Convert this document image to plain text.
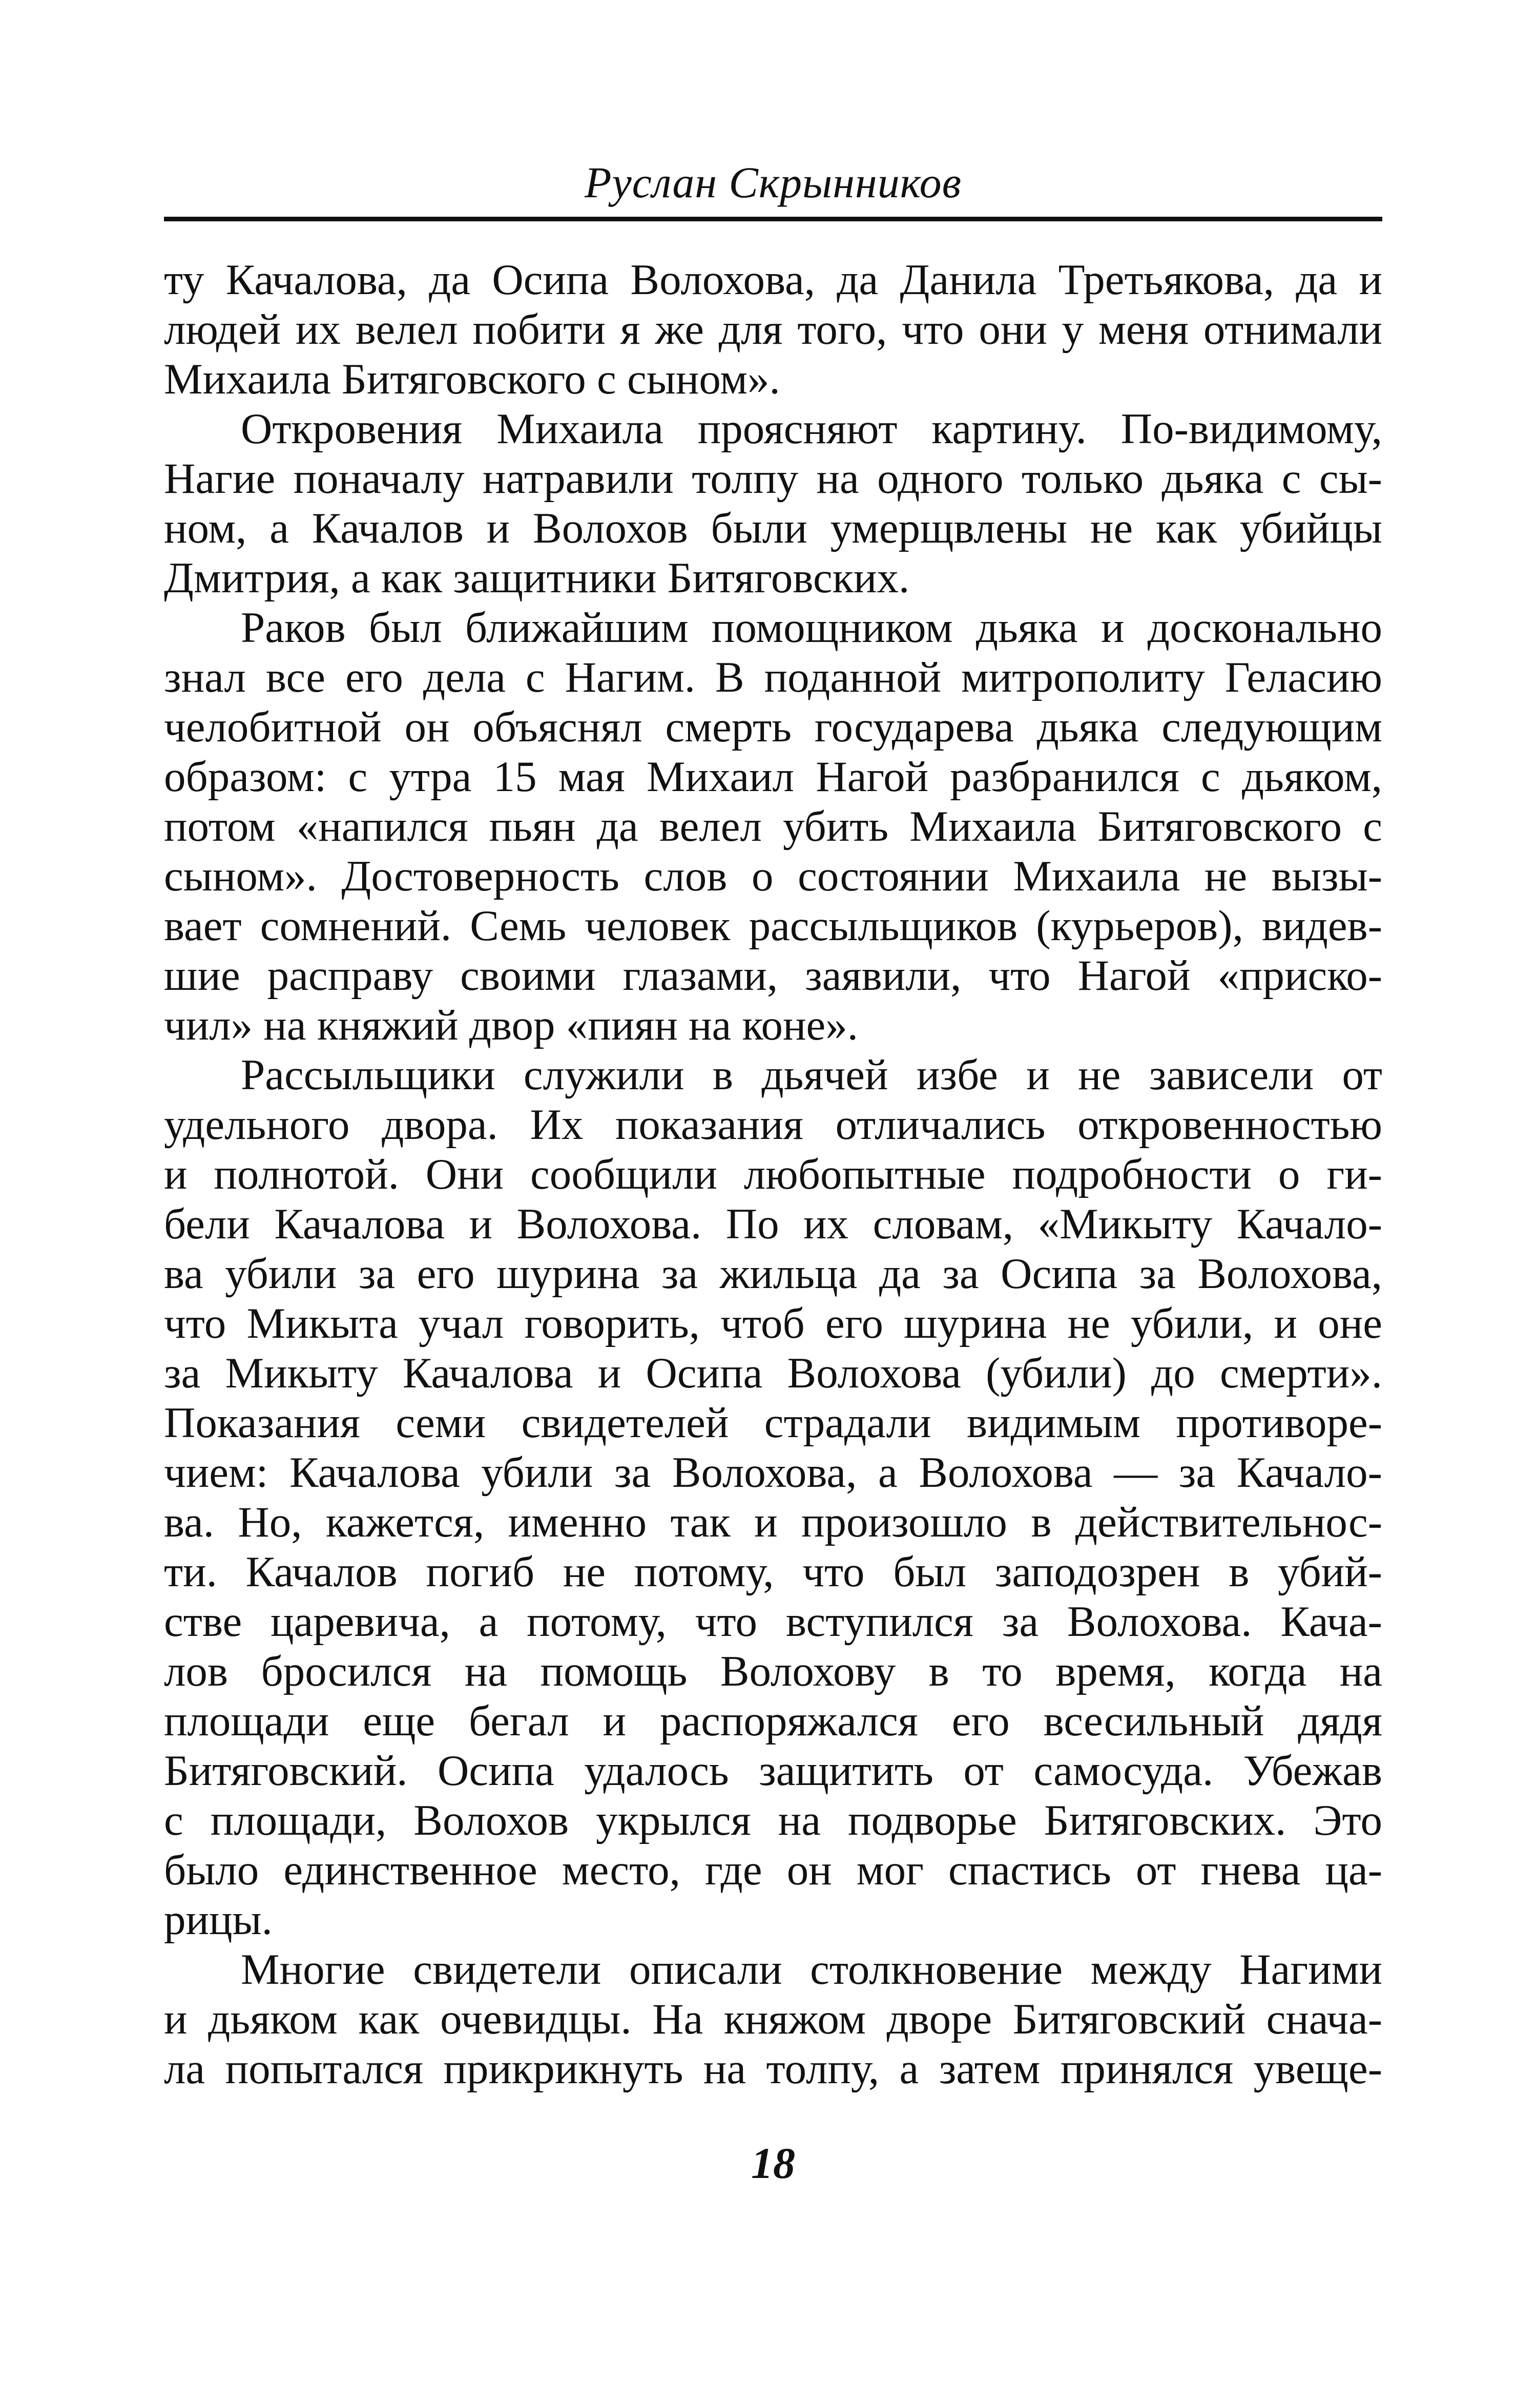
Руслан Скрынников
ту Качалова, да Осипа Волохова, да Данила Третьякова, да и
людей их велел побити я же для того, что они у меня отнимали
Михаила Битяговского с сыном».
Откровения Михаила проясняют картину. По-видимому,
Нагие поначалу натравили толпу на одного только дьяка с сы-
ном, а Качалов и Волохов были умерщвлены не как убийцы
Дмитрия, а как защитники Битяговских.
Раков был ближайшим помощником дьяка и досконально
знал все его дела с Нагим. В поданной митрополиту Геласию
челобитной он объяснял смерть государева дьяка следующим
образом: с утра 15 мая Михаил Нагой разбранился с дьяком,
потом «напился пьян да велел убить Михаила Битяговского с
сыном». Достоверность слов о состоянии Михаила не вызы-
вает сомнений. Семь человек рассыльщиков (курьеров), видев-
шие расправу своими глазами, заявили, что Нагой «приско-
чил» на княжий двор «пиян на коне».
Рассыльщики служили в дьячей избе и не зависели от
удельного двора. Их показания отличались откровенностью
и полнотой. Они сообщили любопытные подробности о ги-
бели Качалова и Волохова. По их словам, «Микыту Качало-
ва убили за его шурина за жильца да за Осипа за Волохова,
что Микыта учал говорить, чтоб его шурина не убили, и оне
за Микыту Качалова и Осипа Волохова (убили) до смерти».
Показания семи свидетелей страдали видимым противоре-
чием: Качалова убили за Волохова, а Волохова — за Качало-
ва. Но, кажется, именно так и произошло в действительнос-
ти. Качалов погиб не потому, что был заподозрен в убий-
стве царевича, а потому, что вступился за Волохова. Кача-
лов бросился на помощь Волохову в то время, когда на
площади еще бегал и распоряжался его всесильный дядя
Битяговский. Осипа удалось защитить от самосуда. Убежав
с площади, Волохов укрылся на подворье Битяговских. Это
было единственное место, где он мог спастись от гнева ца-
рицы.
Многие свидетели описали столкновение между Нагими
и дьяком как очевидцы. На княжом дворе Битяговский снача-
ла попытался прикрикнуть на толпу, а затем принялся увеще-
18
